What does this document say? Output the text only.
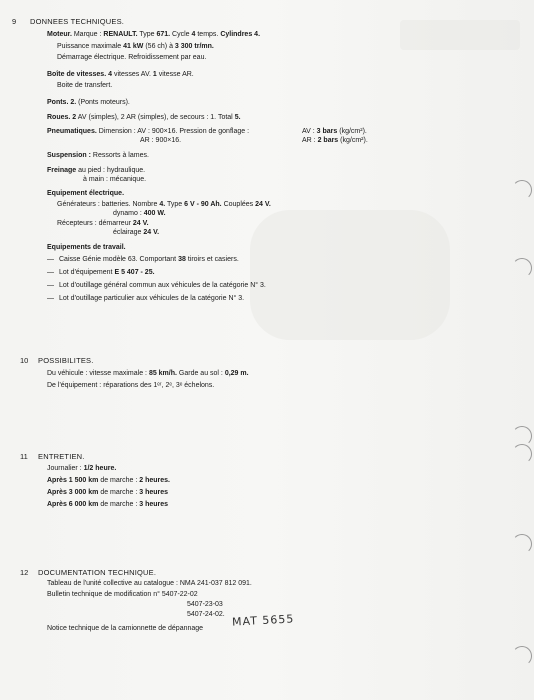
9 DONNEES TECHNIQUES.
Moteur. Marque : RENAULT. Type 671. Cycle 4 temps. Cylindres 4.
Puissance maximale 41 kW (56 ch) à 3 300 tr/mn.
Démarrage électrique. Refroidissement par eau.
Boîte de vitesses. 4 vitesses AV. 1 vitesse AR.
Boite de transfert.
Ponts. 2. (Ponts moteurs).
Roues. 2 AV (simples), 2 AR (simples), de secours : 1. Total 5.
Pneumatiques. Dimension : AV : 900×16. Pression de gonflage :	AV : 3 bars (kg/cm²).
AR : 900×16.	AR : 2 bars (kg/cm²).
Suspension : Ressorts à lames.
Freinage au pied : hydraulique.
à main : mécanique.
Equipement électrique.
Générateurs : batteries. Nombre 4. Type 6 V - 90 Ah. Couplées 24 V.
dynamo : 400 W.
Récepteurs : démarreur 24 V.
éclairage 24 V.
Equipements de travail.
— Caisse Génie modèle 63. Comportant 38 tiroirs et casiers.
— Lot d'équipement E 5 407 - 25.
— Lot d'outillage général commun aux véhicules de la catégorie N° 3.
— Lot d'outillage particulier aux véhicules de la catégorie N° 3.
10 POSSIBILITES.
Du véhicule : vitesse maximale : 85 km/h. Garde au sol : 0,29 m.
De l'équipement : réparations des 1ᵉʳ, 2ᵉ, 3ᵉ échelons.
11 ENTRETIEN.
Journalier : 1/2 heure.
Après 1 500 km de marche : 2 heures.
Après 3 000 km de marche : 3 heures
Après 6 000 km de marche : 3 heures
12 DOCUMENTATION TECHNIQUE.
Tableau de l'unité collective au catalogue : NMA 241-037 812 091.
Bulletin technique de modification n° 5407-22-02
5407-23-03
5407-24-02.
Notice technique de la camionnette de dépannage	MAT 5655
